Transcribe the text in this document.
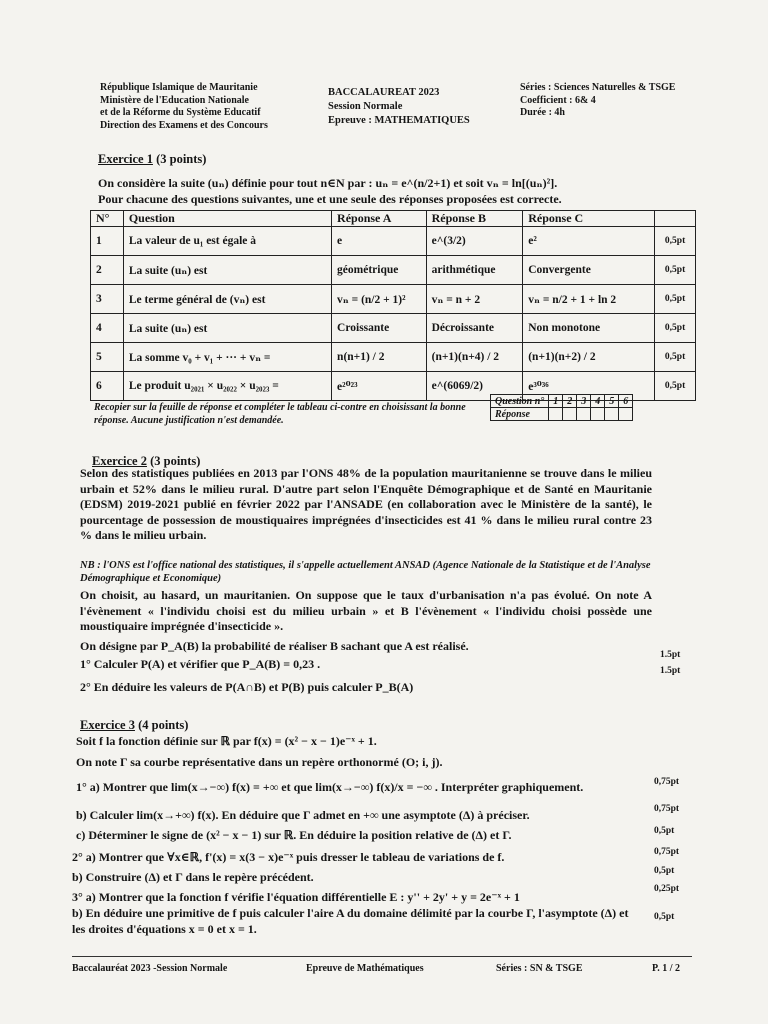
République Islamique de Mauritanie
Ministère de l'Education Nationale
et de la Réforme du Système Educatif
Direction des Examens et des Concours
BACCALAUREAT 2023
Session Normale
Epreuve : MATHEMATIQUES
Séries : Sciences Naturelles & TSGE
Coefficient : 6& 4
Durée : 4h
Exercice 1 (3 points)
On considère la suite (uₙ) définie pour tout n∈N par : uₙ = e^(n/2+1) et soit vₙ = ln[(uₙ)²].
Pour chacune des questions suivantes, une et une seule des réponses proposées est correcte.
N°	Question	Réponse A	Réponse B	Réponse C	
1	La valeur de u₁ est égale à	e	e^(3/2)	e²	0,5pt
2	La suite (uₙ) est	géométrique	arithmétique	Convergente	0,5pt
3	Le terme général de (vₙ) est	vₙ = (n/2 + 1)²	vₙ = n + 2	vₙ = n/2 + 1 + ln 2	0,5pt
4	La suite (uₙ) est	Croissante	Décroissante	Non monotone	0,5pt
5	La somme v₀ + v₁ + ··· + vₙ =	n(n+1) / 2	(n+1)(n+4) / 2	(n+1)(n+2) / 2	0,5pt
6	Le produit u₂₀₂₁ × u₂₀₂₂ × u₂₀₂₃ =	e²⁰²³	e^(6069/2)	e³⁰³⁶	0,5pt
Recopier sur la feuille de réponse et compléter le tableau ci-contre en choisissant la bonne réponse. Aucune justification n'est demandée.
Question n°	1	2	3	4	5	6
Réponse						
Exercice 2 (3 points)
Selon des statistiques publiées en 2013 par l'ONS 48% de la population mauritanienne se trouve dans le milieu urbain et 52% dans le milieu rural. D'autre part selon l'Enquête Démographique et de Santé en Mauritanie (EDSM) 2019-2021 publié en février 2022 par l'ANSADE (en collaboration avec le Ministère de la santé), le pourcentage de possession de moustiquaires imprégnées d'insecticides est 41 % dans le milieu rural contre 23 % dans le milieu urbain.
NB : l'ONS est l'office national des statistiques, il s'appelle actuellement ANSAD (Agence Nationale de la Statistique et de l'Analyse Démographique et Economique)
On choisit, au hasard, un mauritanien. On suppose que le taux d'urbanisation n'a pas évolué. On note A l'évènement « l'individu choisi est du milieu urbain » et B l'évènement « l'individu choisi possède une moustiquaire imprégnée d'insecticide ».
On désigne par P_A(B) la probabilité de réaliser B sachant que A est réalisé.
1° Calculer P(A) et vérifier que P_A(B) = 0,23 .
1.5pt
2° En déduire les valeurs de P(A∩B) et P(B) puis calculer P_B(A)
1.5pt
Exercice 3 (4 points)
Soit f la fonction définie sur ℝ par f(x) = (x² − x − 1)e⁻ˣ + 1.
On note Γ sa courbe représentative dans un repère orthonormé (O; i, j).
1° a) Montrer que lim(x→−∞) f(x) = +∞ et que lim(x→−∞) f(x)/x = −∞ . Interpréter graphiquement.	0,75pt
b) Calculer lim(x→+∞) f(x). En déduire que Γ admet en +∞ une asymptote (Δ) à préciser.	0,75pt
c) Déterminer le signe de (x² − x − 1) sur ℝ. En déduire la position relative de (Δ) et Γ.	0,5pt
2° a) Montrer que ∀x∈ℝ, f'(x) = x(3 − x)e⁻ˣ puis dresser le tableau de variations de f.	0,75pt
b) Construire (Δ) et Γ dans le repère précédent.	0,5pt
3° a) Montrer que la fonction f vérifie l'équation différentielle E : y'' + 2y' + y = 2e⁻ˣ + 1
0,25pt
b) En déduire une primitive de f puis calculer l'aire A du domaine délimité par la courbe Γ, l'asymptote (Δ) et les droites d'équations x = 0 et x = 1.
0,5pt
Baccalauréat 2023 -Session Normale	Epreuve de Mathématiques	Séries : SN & TSGE	P. 1 / 2
